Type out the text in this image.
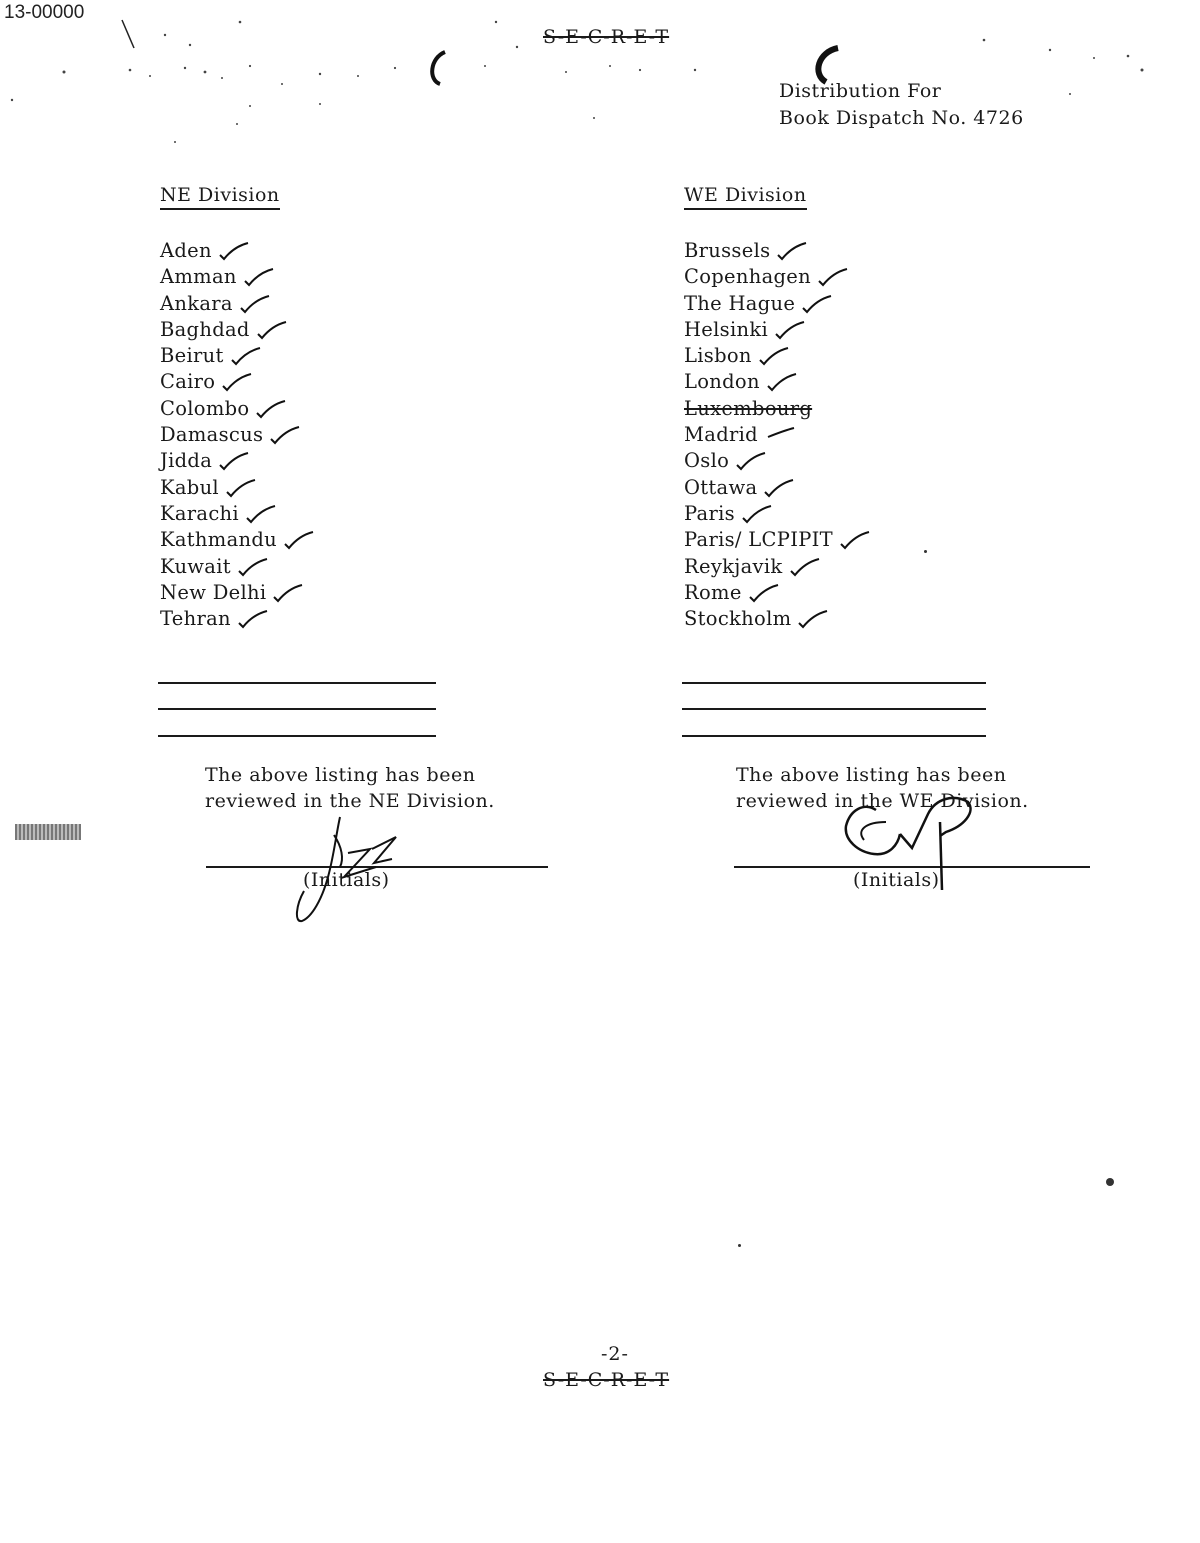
13-00000
S-E-C-R-E-T
Distribution For
Book Dispatch No. 4726
NE Division
Aden
Amman
Ankara
Baghdad
Beirut
Cairo
Colombo
Damascus
Jidda
Kabul
Karachi
Kathmandu
Kuwait
New Delhi
Tehran
WE Division
Brussels
Copenhagen
The Hague
Helsinki
Lisbon
London
Luxembourg
Madrid
Oslo
Ottawa
Paris
Paris/ LCPIPIT
Reykjavik
Rome
Stockholm
The above listing has been
reviewed in the NE Division.
(Initials)
The above listing has been
reviewed in the WE Division.
(Initials)
-2-
S-E-C-R-E-T
